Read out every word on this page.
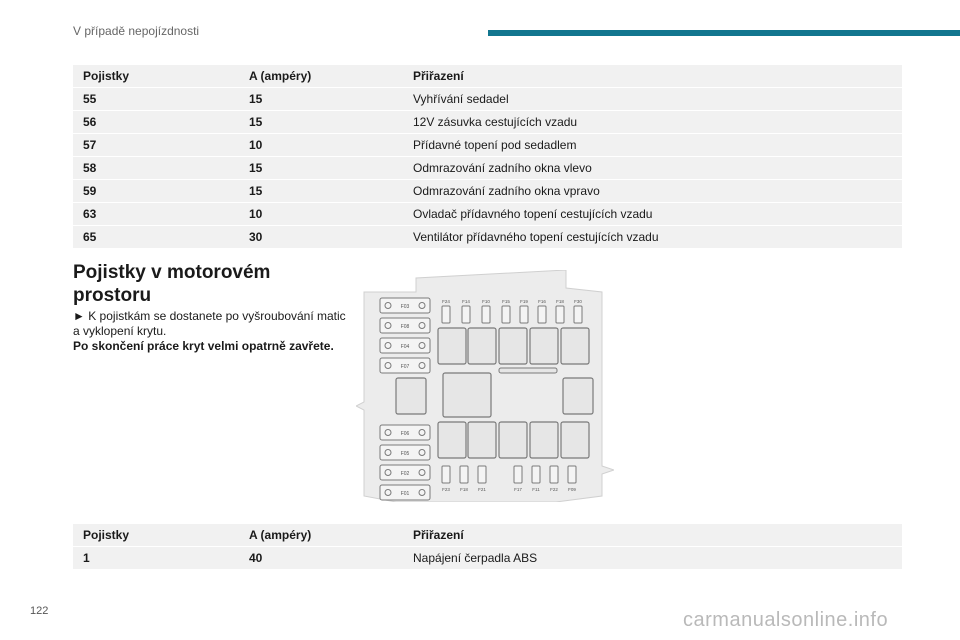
V případě nepojízdnosti
Pojistky	A (ampéry)	Přiřazení
55	15	Vyhřívání sedadel
56	15	12V zásuvka cestujících vzadu
57	10	Přídavné topení pod sedadlem
58	15	Odmrazování zadního okna vlevo
59	15	Odmrazování zadního okna vpravo
63	10	Ovladač přídavného topení cestujících vzadu
65	30	Ventilátor přídavného topení cestujících vzadu
Pojistky v motorovém prostoru
► K pojistkám se dostanete po vyšroubování matic a vyklopení krytu.
Po skončení práce kryt velmi opatrně zavřete.
F03
F08
F04
F07
F06
F05
F02
F01
F24	F14	F10	F15 F19 F16 F18 F30
F23 F18 F21	F17 F11 F22 F09
Pojistky	A (ampéry)	Přiřazení
1	40	Napájení čerpadla ABS
122	carmanualsonline.info
